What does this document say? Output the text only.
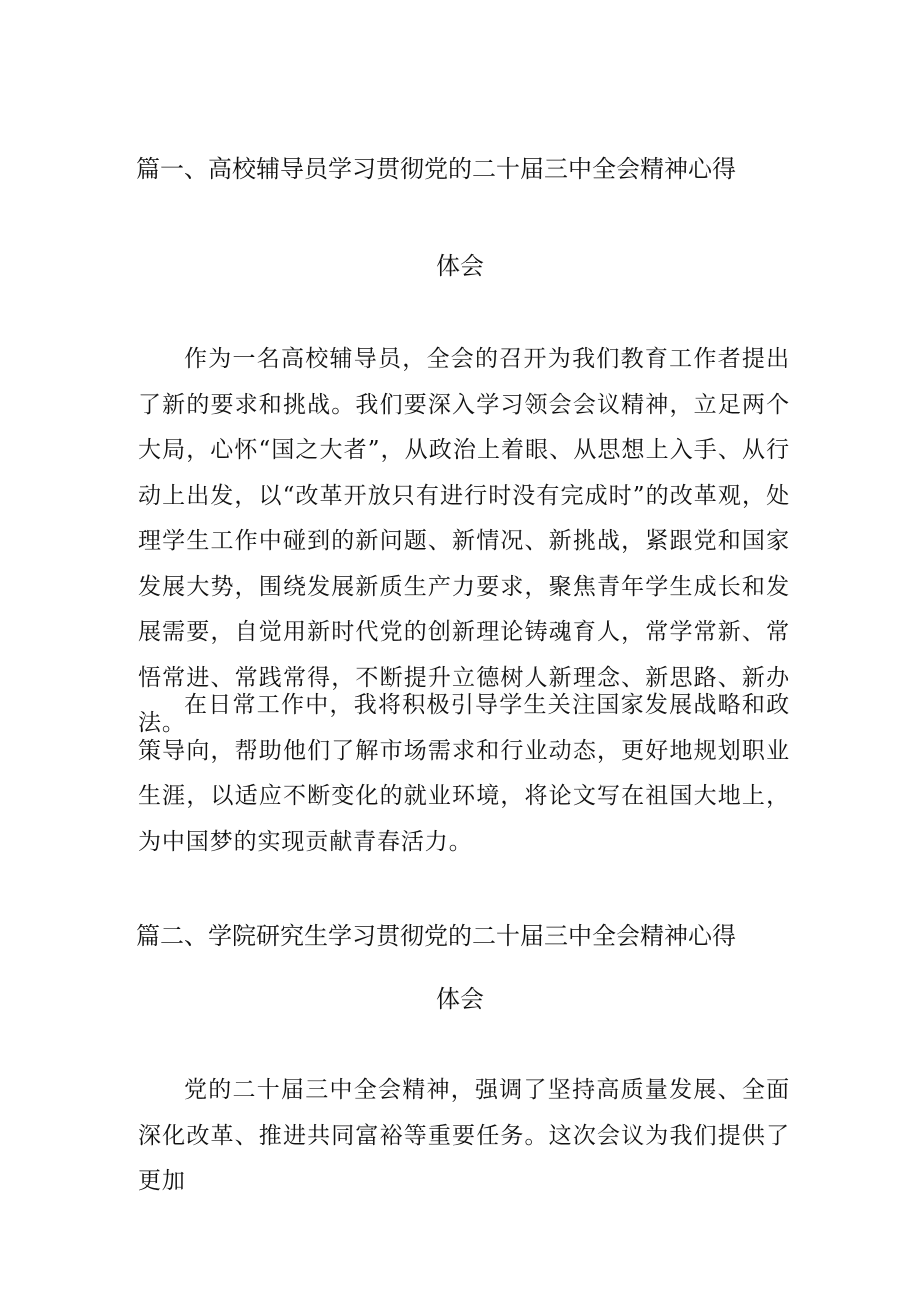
篇一、高校辅导员学习贯彻党的二十届三中全会精神心得
体会

作为一名高校辅导员，全会的召开为我们教育工作者提出了新的要求和挑战。我们要深入学习领会会议精神，立足两个大局，心怀“国之大者”，从政治上着眼、从思想上入手、从行动上出发，以“改革开放只有进行时没有完成时”的改革观，处理学生工作中碰到的新问题、新情况、新挑战，紧跟党和国家发展大势，围绕发展新质生产力要求，聚焦青年学生成长和发展需要，自觉用新时代党的创新理论铸魂育人，常学常新、常悟常进、常践常得，不断提升立德树人新理念、新思路、新办法。

在日常工作中，我将积极引导学生关注国家发展战略和政策导向，帮助他们了解市场需求和行业动态，更好地规划职业生涯，以适应不断变化的就业环境，将论文写在祖国大地上，为中国梦的实现贡献青春活力。

篇二、学院研究生学习贯彻党的二十届三中全会精神心得
体会

党的二十届三中全会精神，强调了坚持高质量发展、全面深化改革、推进共同富裕等重要任务。这次会议为我们提供了更加
